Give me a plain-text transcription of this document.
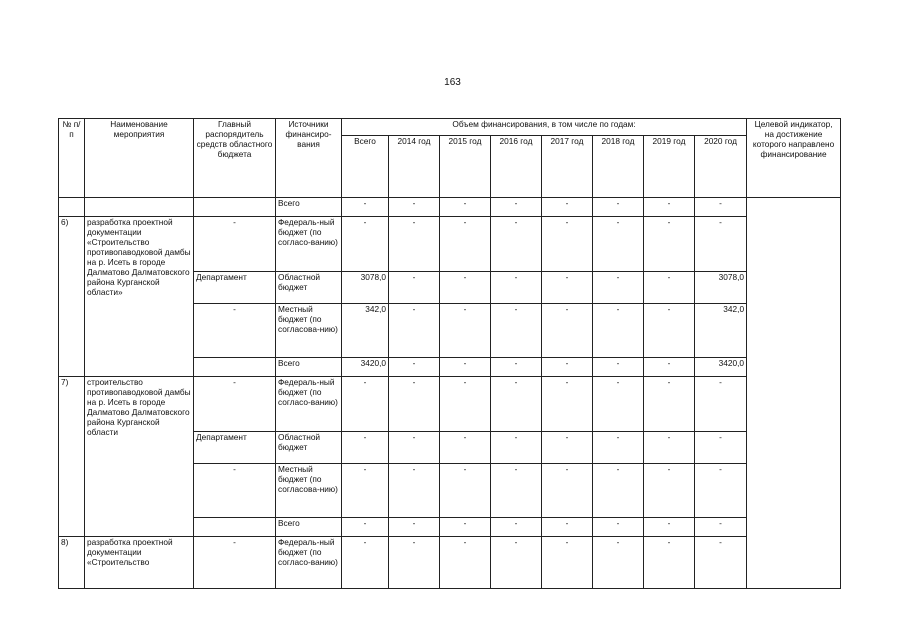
163
№ п/п	Наименование мероприятия	Главный распорядитель средств областного бюджета	Источники финансиро-вания	Объем финансирования, в том числе по годам:								Целевой индикатор, на достижение которого направлено финансирование
				Всего	2014 год	2015 год	2016 год	2017 год	2018 год	2019 год	2020 год	
			Всего	-	-	-	-	-	-	-	-	
6)	разработка проектной документации «Строительство противопаводковой дамбы на р. Исеть в городе Далматово Далматовского района Курганской области»	-	Федераль-ный бюджет (по согласо-ванию)	-	-	-	-	-	-	-	-	
		Департамент	Областной бюджет	3078,0	-	-	-	-	-	-	3078,0	
		-	Местный бюджет (по согласова-нию)	342,0	-	-	-	-	-	-	342,0	
			Всего	3420,0	-	-	-	-	-	-	3420,0	
7)	строительство противопаводковой дамбы на р. Исеть в городе Далматово Далматовского района Курганской области	-	Федераль-ный бюджет (по согласо-ванию)	-	-	-	-	-	-	-	-	
		Департамент	Областной бюджет	-	-	-	-	-	-	-	-	
		-	Местный бюджет (по согласова-нию)	-	-	-	-	-	-	-	-	
			Всего	-	-	-	-	-	-	-	-	
8)	разработка проектной документации «Строительство	-	Федераль-ный бюджет (по согласо-ванию)	-	-	-	-	-	-	-	-	
